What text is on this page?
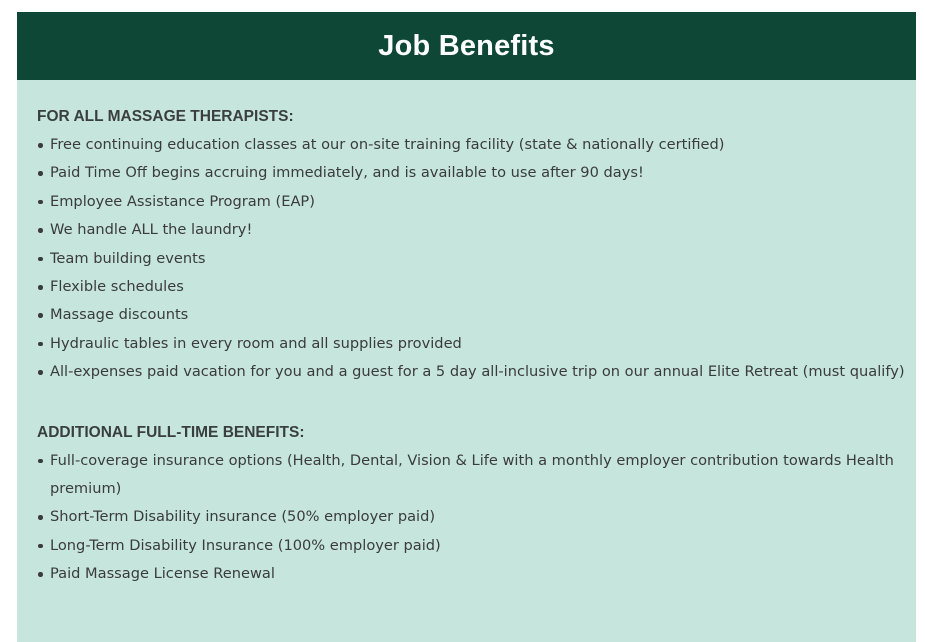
Job Benefits
FOR ALL MASSAGE THERAPISTS:
Free continuing education classes at our on-site training facility (state & nationally certified)
Paid Time Off begins accruing immediately, and is available to use after 90 days!
Employee Assistance Program (EAP)
We handle ALL the laundry!
Team building events
Flexible schedules
Massage discounts
Hydraulic tables in every room and all supplies provided
All-expenses paid vacation for you and a guest for a 5 day all-inclusive trip on our annual Elite Retreat (must qualify)
ADDITIONAL FULL-TIME BENEFITS:
Full-coverage insurance options (Health, Dental, Vision & Life with a monthly employer contribution towards Health premium)
Short-Term Disability insurance (50% employer paid)
Long-Term Disability Insurance (100% employer paid)
Paid Massage License Renewal
